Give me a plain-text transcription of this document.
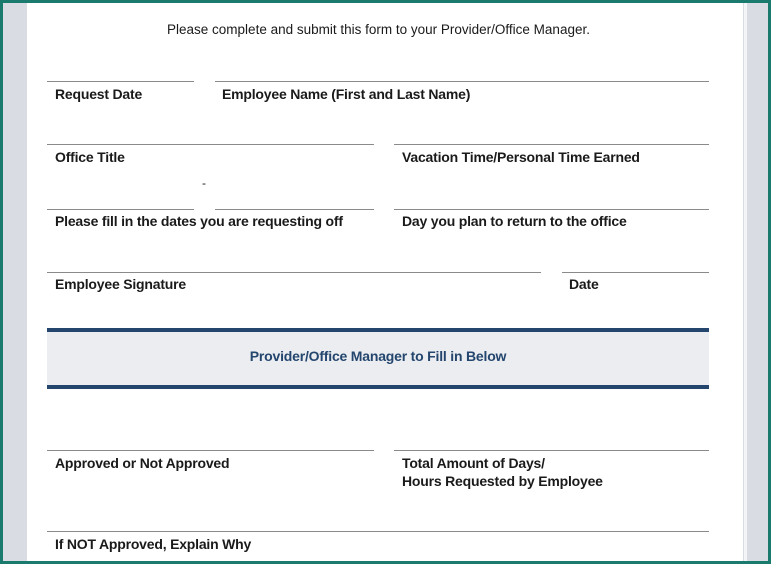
Please complete and submit this form to your Provider/Office Manager.
Request Date	Employee Name (First and Last Name)
Office Title	Vacation Time/Personal Time Earned
-
Please fill in the dates you are requesting off	Day you plan to return to the office
Employee Signature	Date
Provider/Office Manager to Fill in Below
Approved or Not Approved	Total Amount of Days/
Hours Requested by Employee
If NOT Approved, Explain Why
